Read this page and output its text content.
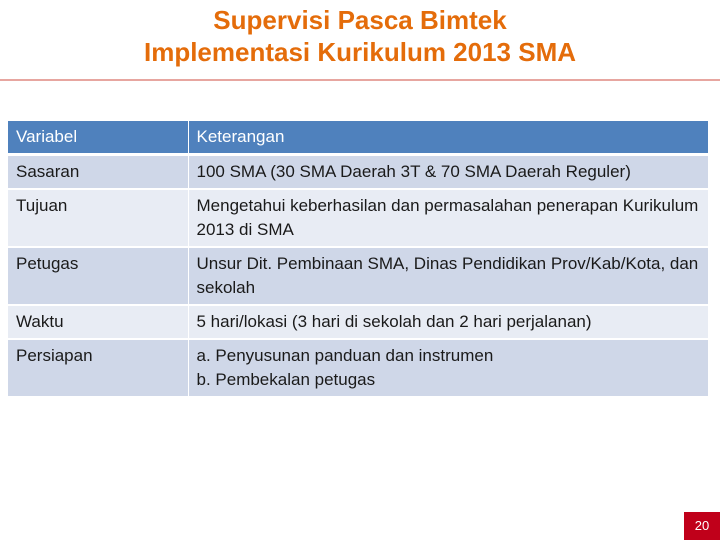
Supervisi Pasca Bimtek
Implementasi Kurikulum 2013 SMA
Variabel	Keterangan
Sasaran	100 SMA (30 SMA Daerah 3T & 70 SMA Daerah Reguler)
Tujuan	Mengetahui keberhasilan dan permasalahan penerapan Kurikulum 2013 di SMA
Petugas	Unsur Dit. Pembinaan SMA, Dinas Pendidikan Prov/Kab/Kota, dan sekolah
Waktu	5 hari/lokasi (3 hari di sekolah dan 2 hari perjalanan)
Persiapan	a. Penyusunan panduan dan instrumen
b. Pembekalan petugas
20
